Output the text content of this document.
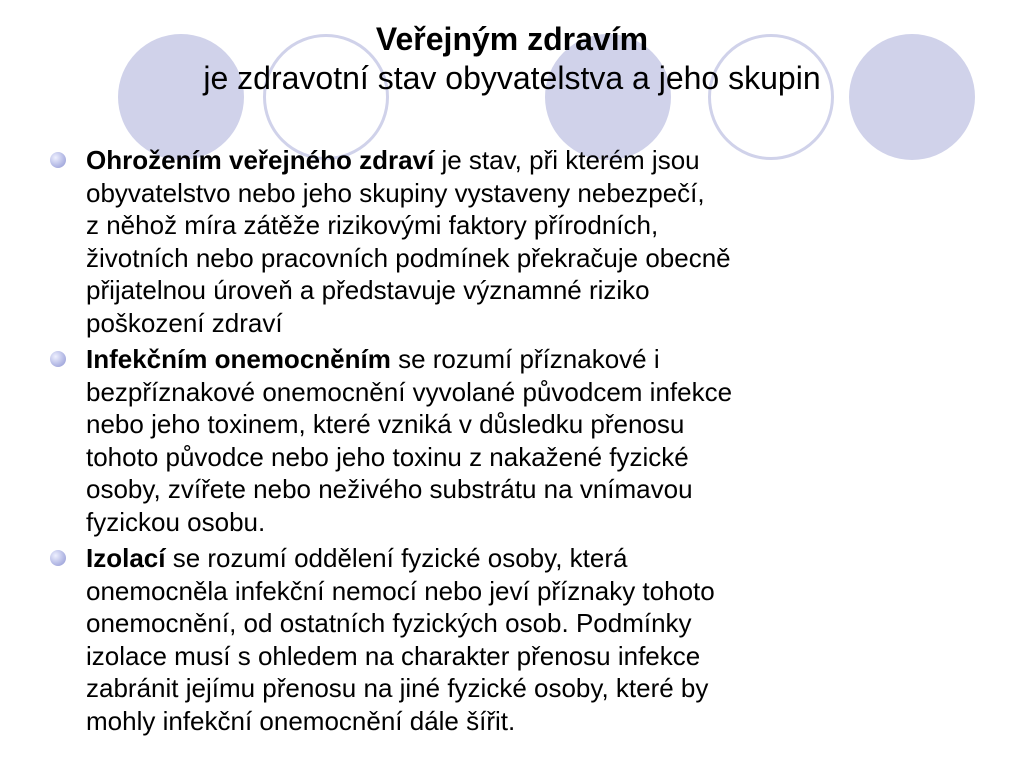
Veřejným zdravím
je zdravotní stav obyvatelstva a jeho skupin
Ohrožením veřejného zdraví je stav, při kterém jsou
obyvatelstvo nebo jeho skupiny vystaveny nebezpečí,
z něhož míra zátěže rizikovými faktory přírodních,
životních nebo pracovních podmínek překračuje obecně
přijatelnou úroveň a představuje významné riziko
poškození zdraví
Infekčním onemocněním se rozumí příznakové i
bezpříznakové onemocnění vyvolané původcem infekce
nebo jeho toxinem, které vzniká v důsledku přenosu
tohoto původce nebo jeho toxinu z nakažené fyzické
osoby, zvířete nebo neživého substrátu na vnímavou
fyzickou osobu.
Izolací se rozumí oddělení fyzické osoby, která
onemocněla infekční nemocí nebo jeví příznaky tohoto
onemocnění, od ostatních fyzických osob. Podmínky
izolace musí s ohledem na charakter přenosu infekce
zabránit jejímu přenosu na jiné fyzické osoby, které by
mohly infekční onemocnění dále šířit.
